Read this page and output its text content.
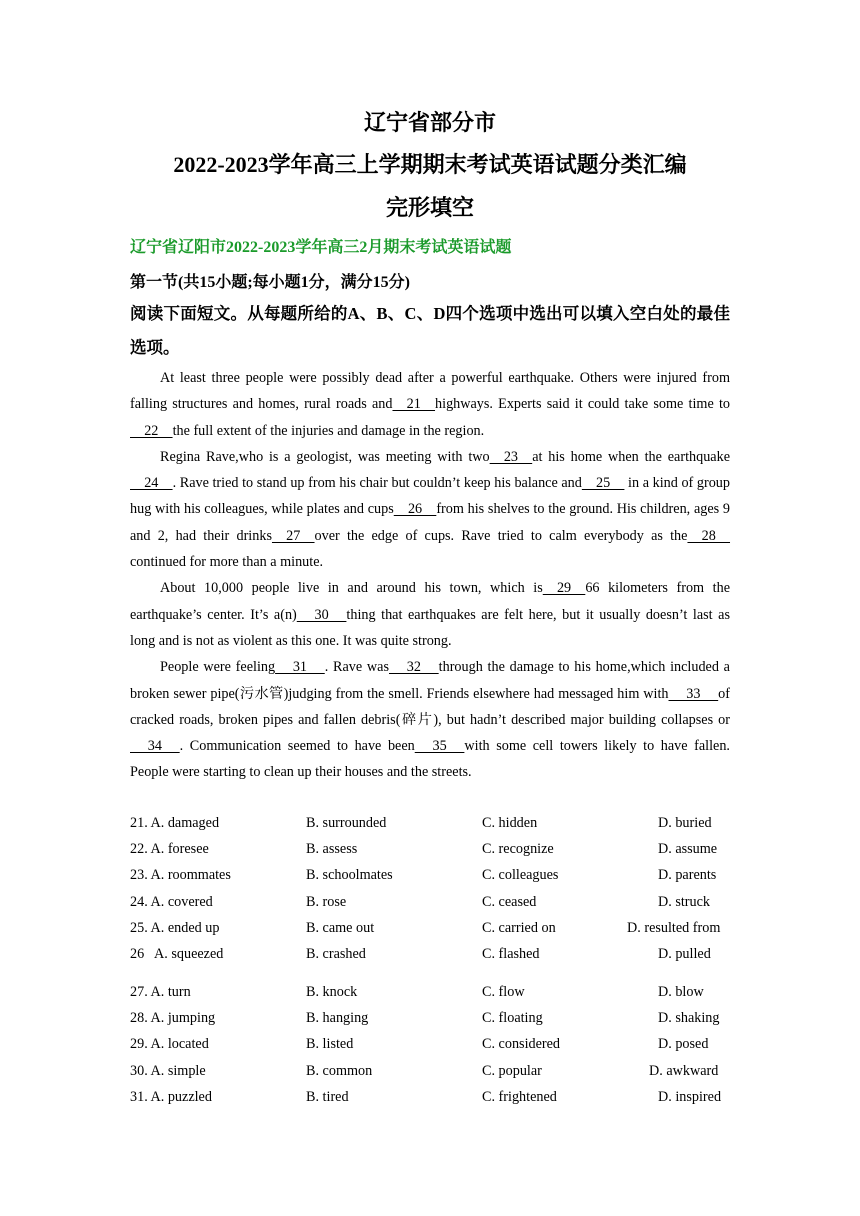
辽宁省部分市
2022-2023学年高三上学期期末考试英语试题分类汇编
完形填空
辽宁省辽阳市2022-2023学年高三2月期末考试英语试题
第一节(共15小题;每小题1分，满分15分)
阅读下面短文。从每题所给的A、B、C、D四个选项中选出可以填入空白处的最佳选项。

At least three people were possibly dead after a powerful earthquake. Others were injured from falling structures and homes, rural roads and    21    highways. Experts said it could take some time to    22    the full extent of the injuries and damage in the region.

Regina Rave,who is a geologist, was meeting with two    23    at his home when the earthquake    24    . Rave tried to stand up from his chair but couldn’t keep his balance and    25     in a kind of group hug with his colleagues, while plates and cups    26    from his shelves to the ground. His children, ages 9 and 2, had their drinks    27    over the edge of cups. Rave tried to calm everybody as the    28    continued for more than a minute.

About 10,000 people live in and around his town, which is    29    66 kilometers from the earthquake’s center. It’s a(n)     30     thing that earthquakes are felt here, but it usually doesn’t last as long and is not as violent as this one. It was quite strong.

People were feeling     31     . Rave was     32     through the damage to his home,which included a broken sewer pipe(污水管)judging from the smell. Friends elsewhere had messaged him with     33     of cracked roads, broken pipes and fallen debris(碎片), but hadn’t described major building collapses or     34     . Communication seemed to have been     35     with some cell towers likely to have fallen. People were starting to clean up their houses and the streets.

21. A. damaged	B. surrounded	C. hidden	D. buried
22. A. foresee	B. assess	C. recognize	D. assume
23. A. roommates	B. schoolmates	C. colleagues	D. parents
24. A. covered	B. rose	C. ceased	D. struck
25. A. ended up	B. came out	C. carried on	D. resulted from
26   A. squeezed	B. crashed	C. flashed	D. pulled
27. A. turn	B. knock	C. flow	D. blow
28. A. jumping	B. hanging	C. floating	D. shaking
29. A. located	B. listed	C. considered	D. posed
30. A. simple	B. common	C. popular	D. awkward
31. A. puzzled	B. tired	C. frightened	D. inspired
